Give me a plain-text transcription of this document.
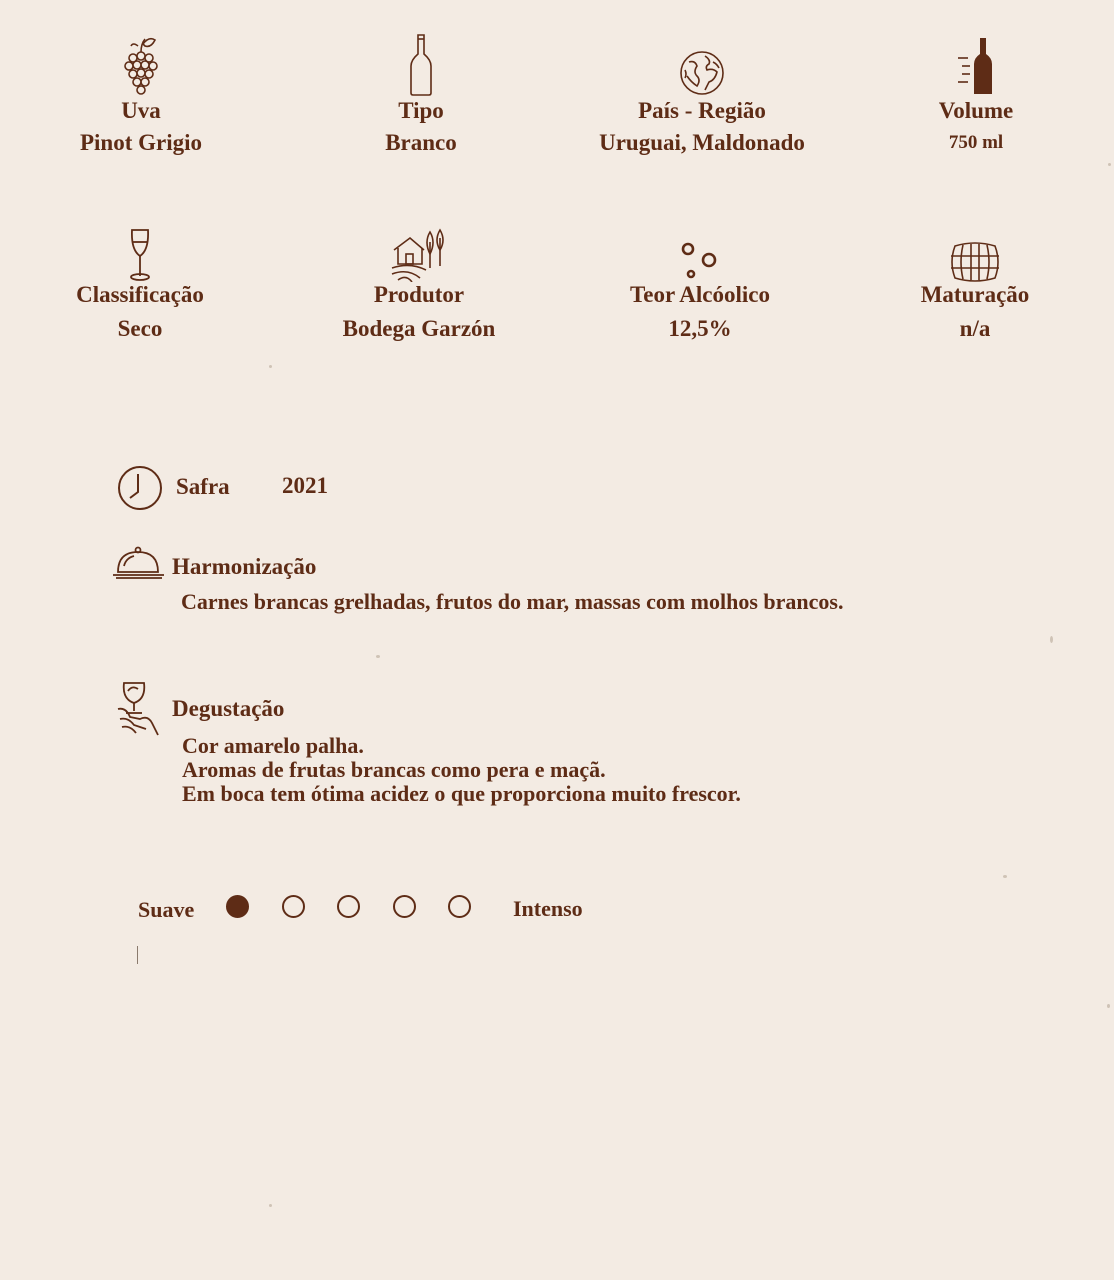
Uva
Pinot Grigio
Tipo
Branco
País - Região
Uruguai, Maldonado
Volume
750 ml
Classificação
Seco
Produtor
Bodega Garzón
Teor Alcóolico
12,5%
Maturação
n/a
Safra 2021
Harmonização
Carnes brancas grelhadas, frutos do mar, massas com molhos brancos.
Degustação
Cor amarelo palha.
Aromas de frutas brancas como pera e maçã.
Em boca tem ótima acidez o que proporciona muito frescor.
Suave	Intenso
